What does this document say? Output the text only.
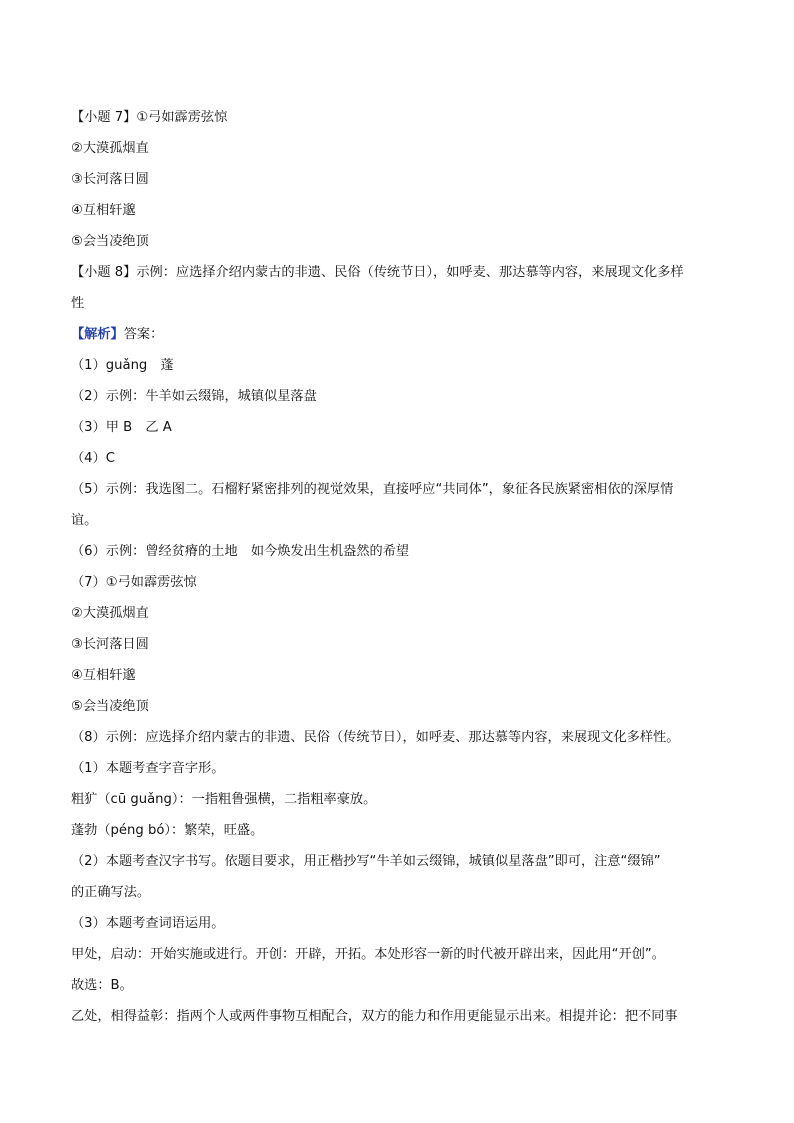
【小题 7】①弓如霹雳弦惊
②大漠孤烟直
③长河落日圆
④互相轩邈
⑤会当凌绝顶
【小题 8】示例：应选择介绍内蒙古的非遗、民俗（传统节日），如呼麦、那达慕等内容，来展现文化多样
性
【解析】答案：
（1）guǎng　蓬
（2）示例：牛羊如云缀锦，城镇似星落盘
（3）甲 B　乙 A
（4）C
（5）示例：我选图二。石榴籽紧密排列的视觉效果，直接呼应“共同体”，象征各民族紧密相依的深厚情
谊。
（6）示例：曾经贫瘠的土地　如今焕发出生机盎然的希望
（7）①弓如霹雳弦惊
②大漠孤烟直
③长河落日圆
④互相轩邈
⑤会当凌绝顶
（8）示例：应选择介绍内蒙古的非遗、民俗（传统节日），如呼麦、那达慕等内容，来展现文化多样性。
（1）本题考查字音字形。
粗犷（cū guǎng）：一指粗鲁强横，二指粗率豪放。
蓬勃（péng bó）：繁荣，旺盛。
（2）本题考查汉字书写。依题目要求，用正楷抄写“牛羊如云缀锦，城镇似星落盘”即可，注意“缀锦”
的正确写法。
（3）本题考查词语运用。
甲处，启动：开始实施或进行。开创：开辟，开拓。本处形容一新的时代被开辟出来，因此用“开创”。
故选：B。
乙处，相得益彰：指两个人或两件事物互相配合，双方的能力和作用更能显示出来。相提并论：把不同事
